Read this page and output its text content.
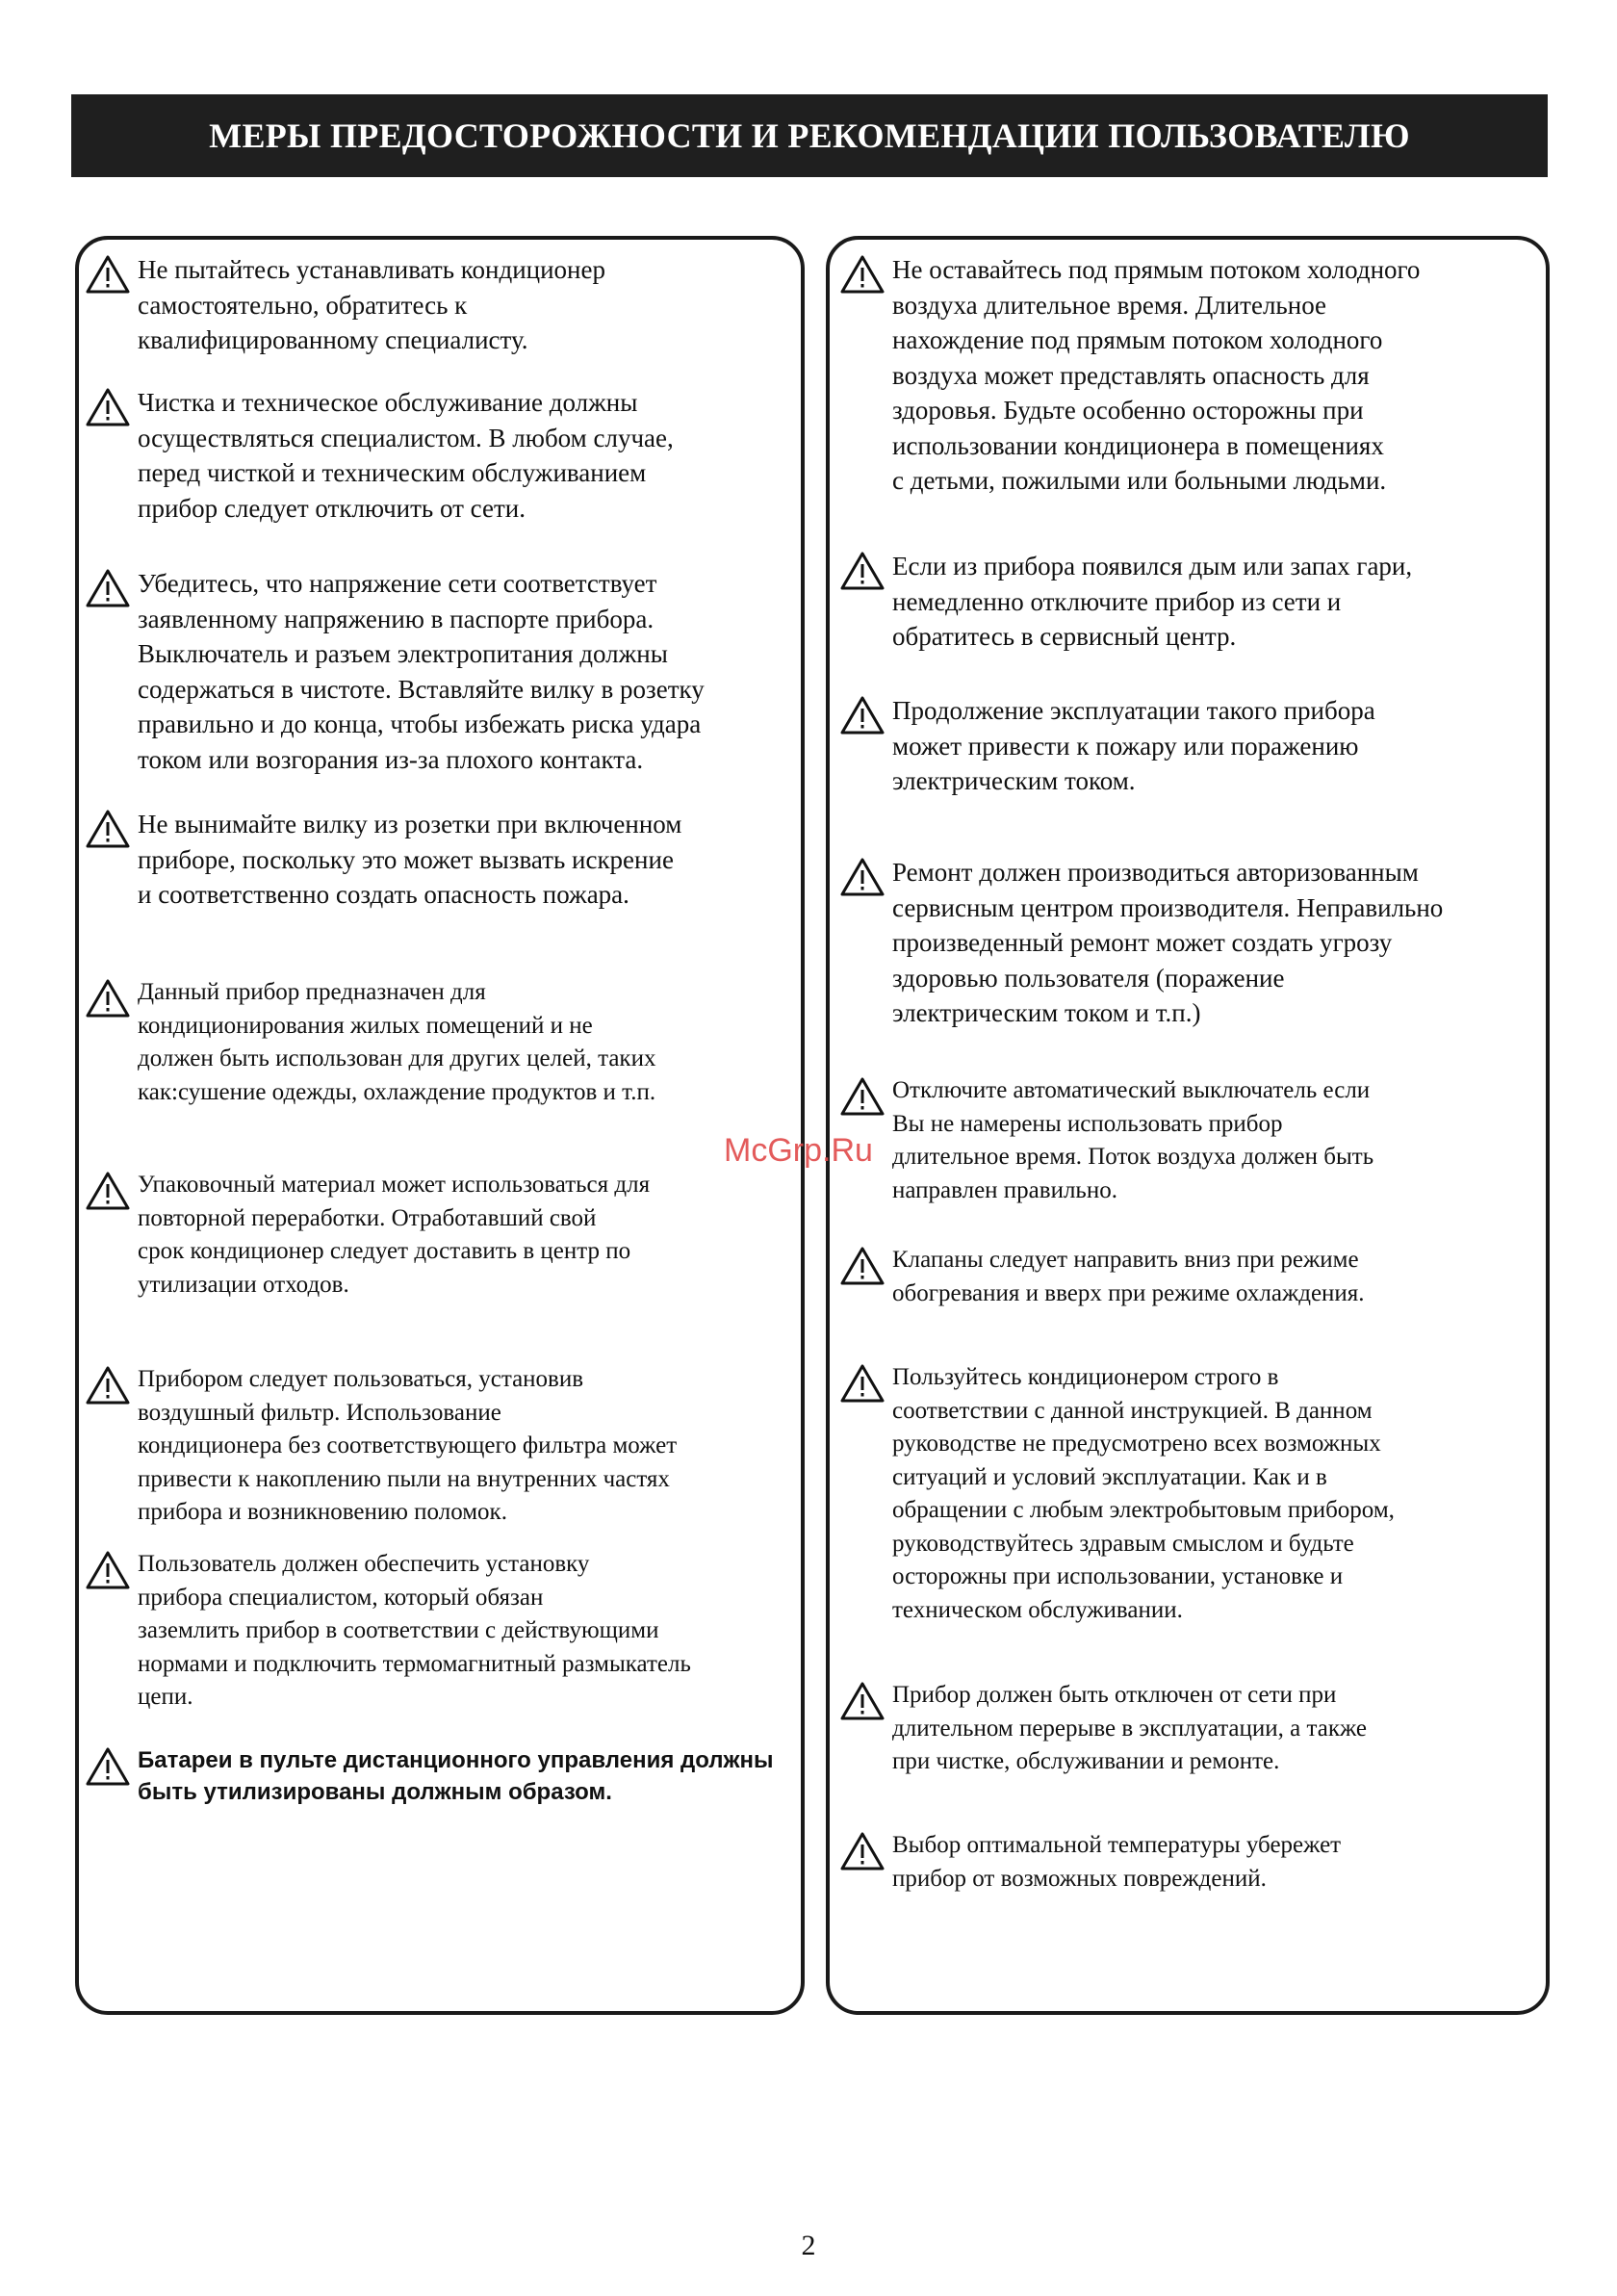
МЕРЫ ПРЕДОСТОРОЖНОСТИ И РЕКОМЕНДАЦИИ ПОЛЬЗОВАТЕЛЮ
Не пытайтесь устанавливать кондиционер
самостоятельно, обратитесь к
квалифицированному специалисту.
Чистка и техническое обслуживание должны
осуществляться специалистом. В любом случае,
перед чисткой и техническим обслуживанием
прибор следует отключить от сети.
Убедитесь, что напряжение сети соответствует
заявленному напряжению в паспорте прибора.
Выключатель и разъем электропитания должны
содержаться в чистоте. Вставляйте вилку в розетку
правильно и до конца, чтобы избежать риска удара
током или возгорания из-за плохого контакта.
Не вынимайте вилку из розетки при включенном
приборе, поскольку это может вызвать искрение
и соответственно создать опасность пожара.
Данный прибор предназначен для
кондиционирования жилых помещений и не
должен быть использован для других целей, таких
как:сушение одежды, охлаждение продуктов и т.п.
Упаковочный материал может использоваться для
повторной переработки. Отработавший свой
срок кондиционер следует доставить в центр по
утилизации отходов.
Прибором следует пользоваться, установив
воздушный фильтр. Использование
кондиционера без соответствующего фильтра может
привести к накоплению пыли на внутренних частях
прибора и возникновению поломок.
Пользователь должен обеспечить установку
прибора специалистом, который обязан
заземлить прибор в соответствии с действующими
нормами и подключить термомагнитный размыкатель
цепи.
Батареи в пульте дистанционного управления должны
быть утилизированы должным образом.
Не оставайтесь под прямым потоком холодного
воздуха длительное время. Длительное
нахождение под прямым потоком холодного
воздуха может представлять опасность для
здоровья. Будьте особенно осторожны при
использовании кондиционера в помещениях
с детьми, пожилыми или больными людьми.
Если из прибора появился дым или запах гари,
немедленно отключите прибор из сети и
обратитесь в сервисный центр.
Продолжение эксплуатации такого прибора
может привести к пожару или поражению
электрическим током.
Ремонт должен производиться авторизованным
сервисным центром производителя. Неправильно
произведенный ремонт может создать угрозу
здоровью пользователя (поражение
электрическим током и т.п.)
Отключите автоматический выключатель если
Вы не намерены использовать прибор
длительное время. Поток воздуха должен быть
направлен правильно.
Клапаны следует направить вниз при режиме
обогревания и вверх при режиме охлаждения.
Пользуйтесь кондиционером строго в
соответствии с данной инструкцией. В данном
руководстве не предусмотрено всех возможных
ситуаций и условий эксплуатации. Как и в
обращении с любым электробытовым прибором,
руководствуйтесь здравым смыслом и будьте
осторожны при использовании, установке и
техническом обслуживании.
Прибор должен быть отключен от сети при
длительном перерыве в эксплуатации, а также
при чистке, обслуживании и ремонте.
Выбор оптимальной температуры убережет
прибор от возможных повреждений.
McGrp.Ru
2
